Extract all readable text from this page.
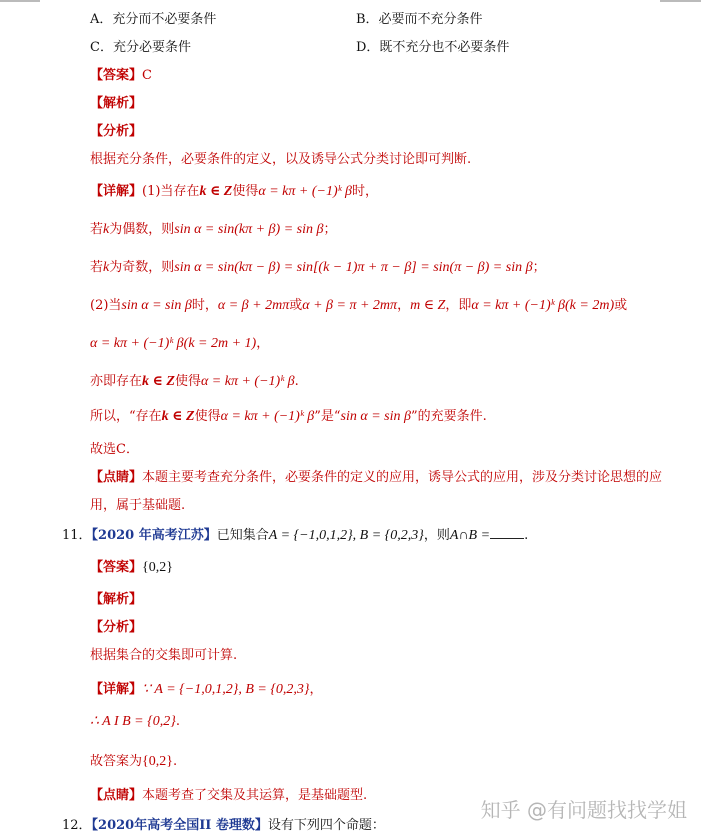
A．充分而不必要条件	B．必要而不充分条件
C．充分必要条件	D．既不充分也不必要条件
【答案】C
【解析】
【分析】
根据充分条件，必要条件的定义，以及诱导公式分类讨论即可判断.
【详解】(1)当存在k ∈ Z使得α = kπ + (−1)ᵏ β时，
若k为偶数，则sin α = sin(kπ + β) = sin β；
若k为奇数，则sin α = sin(kπ − β) = sin[(k − 1)π + π − β] = sin(π − β) = sin β；
(2)当sin α = sin β时，α = β + 2mπ或α + β = π + 2mπ，m ∈ Z，即α = kπ + (−1)ᵏ β(k = 2m)或
α = kπ + (−1)ᵏ β(k = 2m + 1)，
亦即存在k ∈ Z使得α = kπ + (−1)ᵏ β.
所以，“存在k ∈ Z使得α = kπ + (−1)ᵏ β”是“sin α = sin β”的充要条件.
故选C．
【点睛】本题主要考查充分条件，必要条件的定义的应用，诱导公式的应用，涉及分类讨论思想的应
用，属于基础题.
11．【2020 年高考江苏】已知集合A = {−1,0,1,2}, B = {0,2,3}，则A∩B =	.
【答案】{0,2}
【解析】
【分析】
根据集合的交集即可计算.
【详解】∵ A = {−1,0,1,2}, B = {0,2,3}，
∴ A I B = {0,2}.
故答案为{0,2}.
【点睛】本题考查了交集及其运算，是基础题型.
12．【2020年高考全国II 卷理数】设有下列四个命题：
知乎 @有问题找找学姐
